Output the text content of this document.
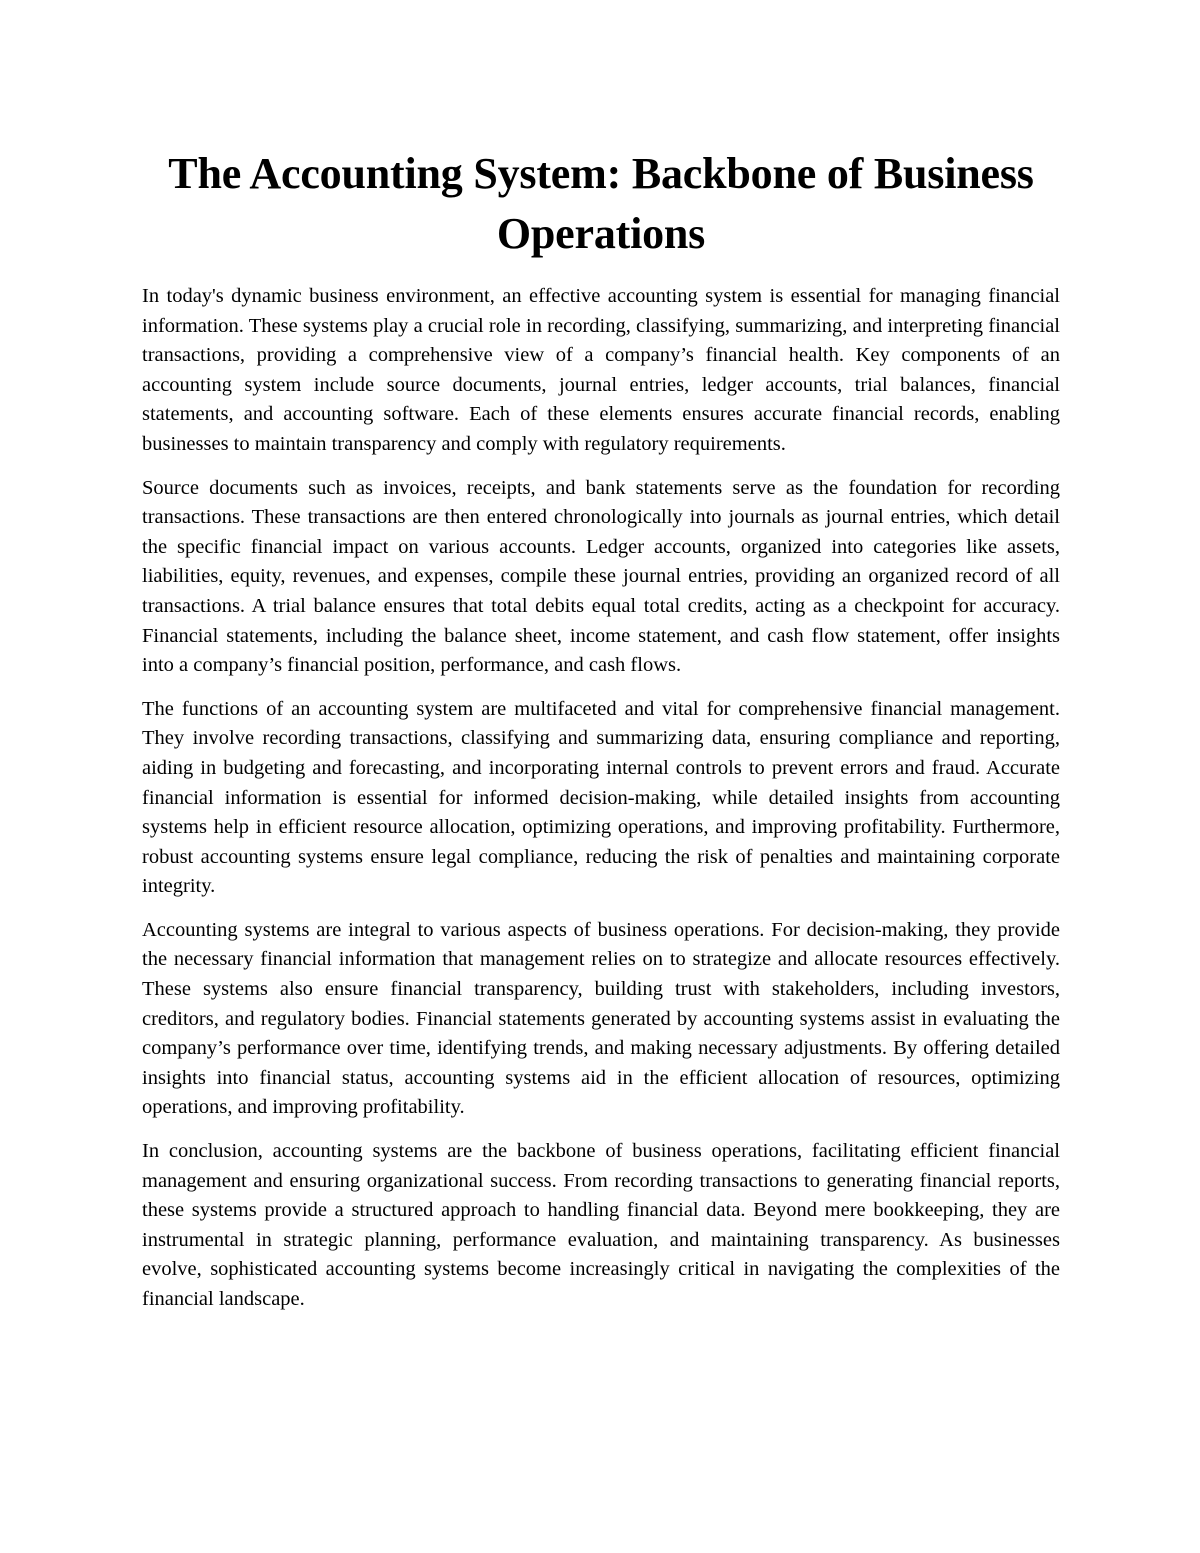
The Accounting System: Backbone of Business Operations

In today's dynamic business environment, an effective accounting system is essential for managing financial information. These systems play a crucial role in recording, classifying, summarizing, and interpreting financial transactions, providing a comprehensive view of a company’s financial health. Key components of an accounting system include source documents, journal entries, ledger accounts, trial balances, financial statements, and accounting software. Each of these elements ensures accurate financial records, enabling businesses to maintain transparency and comply with regulatory requirements.

Source documents such as invoices, receipts, and bank statements serve as the foundation for recording transactions. These transactions are then entered chronologically into journals as journal entries, which detail the specific financial impact on various accounts. Ledger accounts, organized into categories like assets, liabilities, equity, revenues, and expenses, compile these journal entries, providing an organized record of all transactions. A trial balance ensures that total debits equal total credits, acting as a checkpoint for accuracy. Financial statements, including the balance sheet, income statement, and cash flow statement, offer insights into a company’s financial position, performance, and cash flows.

The functions of an accounting system are multifaceted and vital for comprehensive financial management. They involve recording transactions, classifying and summarizing data, ensuring compliance and reporting, aiding in budgeting and forecasting, and incorporating internal controls to prevent errors and fraud. Accurate financial information is essential for informed decision-making, while detailed insights from accounting systems help in efficient resource allocation, optimizing operations, and improving profitability. Furthermore, robust accounting systems ensure legal compliance, reducing the risk of penalties and maintaining corporate integrity.

Accounting systems are integral to various aspects of business operations. For decision-making, they provide the necessary financial information that management relies on to strategize and allocate resources effectively. These systems also ensure financial transparency, building trust with stakeholders, including investors, creditors, and regulatory bodies. Financial statements generated by accounting systems assist in evaluating the company’s performance over time, identifying trends, and making necessary adjustments. By offering detailed insights into financial status, accounting systems aid in the efficient allocation of resources, optimizing operations, and improving profitability.

In conclusion, accounting systems are the backbone of business operations, facilitating efficient financial management and ensuring organizational success. From recording transactions to generating financial reports, these systems provide a structured approach to handling financial data. Beyond mere bookkeeping, they are instrumental in strategic planning, performance evaluation, and maintaining transparency. As businesses evolve, sophisticated accounting systems become increasingly critical in navigating the complexities of the financial landscape.
